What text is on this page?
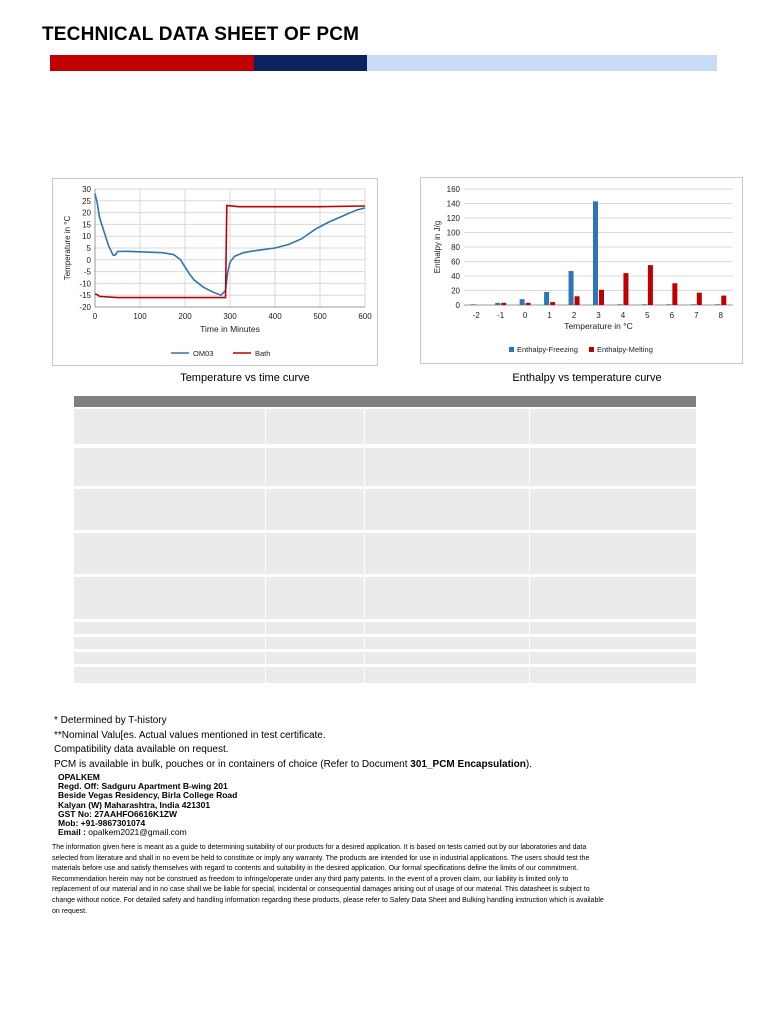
TECHNICAL DATA SHEET OF PCM
30
25
20
15
10
5
0
-5
-10
-15
-20
0	100	200	300	400	500	600
Time in Minutes
Temperature in °C
OM03	Bath
Temperature vs time curve
160
140
120
100
80
60
40
20
0
-2 -1 0	1	2	3	4	5	6	7	8
Temperature in °C
Enthalpy in J/g
Enthalpy-Freezing	Enthalpy-Melting
Enthalpy vs temperature curve
* Determined by T-history
**Nominal Valu[es. Actual values mentioned in test certificate.
Compatibility data available on request.
PCM is available in bulk, pouches or in containers of choice (Refer to Document 301_PCM Encapsulation).
OPALKEM
Regd. Off: Sadguru Apartment B-wing 201
Beside Vegas Residency, Birla College Road
Kalyan (W) Maharashtra, India 421301
GST No: 27AAHFO6616K1ZW
Mob: +91-9867301074
Email : opalkem2021@gmail.com
The information given here is meant as a guide to determining suitability of our products for a desired application. It is based on tests carried out by our laboratories and data
selected from literature and shall in no event be held to constitute or imply any warranty. The products are intended for use in industrial applications. The users should test the
materials before use and satisfy themselves with regard to contents and suitability in the desired application. Our formal specifications define the limits of our commitment.
Recommendation herein may not be construed as freedom to infringe/operate under any third party patents. In the event of a proven claim, our liability is limited only to
replacement of our material and in no case shall we be liable for special, incidental or consequential damages arising out of usage of our material. This datasheet is subject to
change without notice. For detailed safety and handling information regarding these products, please refer to Safety Data Sheet and Bulking handling instruction which is available
on request.
